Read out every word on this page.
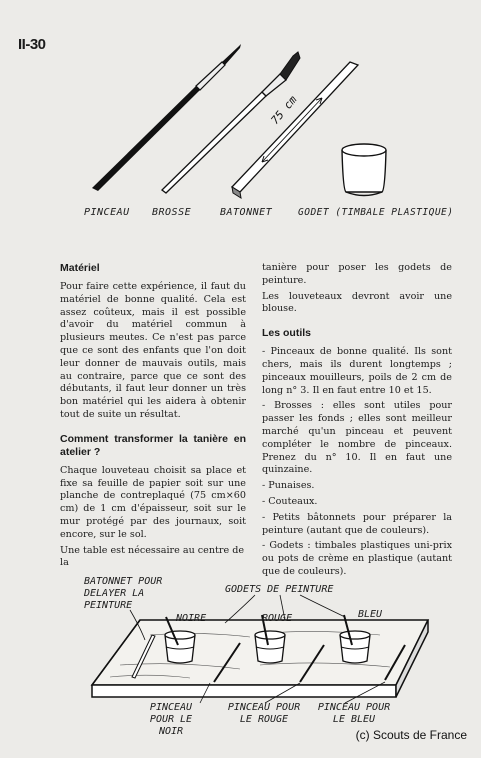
II-30
75 cm
PINCEAU BROSSE	BATONNET	GODET (TIMBALE PLASTIQUE)
Matériel

Pour faire cette expérience, il faut du matériel de bonne qualité. Cela est assez coûteux, mais il est possible d'avoir du matériel commun à plusieurs meutes. Ce n'est pas parce que ce sont des enfants que l'on doit leur donner de mauvais outils, mais au contraire, parce que ce sont des débutants, il faut leur donner un très bon matériel qui les aidera à obtenir tout de suite un résultat.

Comment transformer la tanière en atelier ?

Chaque louveteau choisit sa place et fixe sa feuille de papier soit sur une planche de contreplaqué (75 cm×60 cm) de 1 cm d'épaisseur, soit sur le mur protégé par des journaux, soit encore, sur le sol.

Une table est nécessaire au centre de la

tanière pour poser les godets de peinture.

Les louveteaux devront avoir une blouse.

Les outils

- Pinceaux de bonne qualité. Ils sont chers, mais ils durent longtemps ; pinceaux mouilleurs, poils de 2 cm de long n° 3. Il en faut entre 10 et 15.

- Brosses : elles sont utiles pour passer les fonds ; elles sont meilleur marché qu'un pinceau et peuvent compléter le nombre de pinceaux. Prenez du n° 10. Il en faut une quinzaine.

- Punaises.

- Couteaux.

- Petits bâtonnets pour préparer la peinture (autant que de couleurs).

- Godets : timbales plastiques uni-prix ou pots de crème en plastique (autant que de couleurs).

BATONNET POUR DELAYER LA PEINTURE
GODETS DE PEINTURE
NOIRE	ROUGE	BLEU
PINCEAU POUR LE NOIR
PINCEAU POUR LE ROUGE
PINCEAU POUR LE BLEU
(c) Scouts de France
